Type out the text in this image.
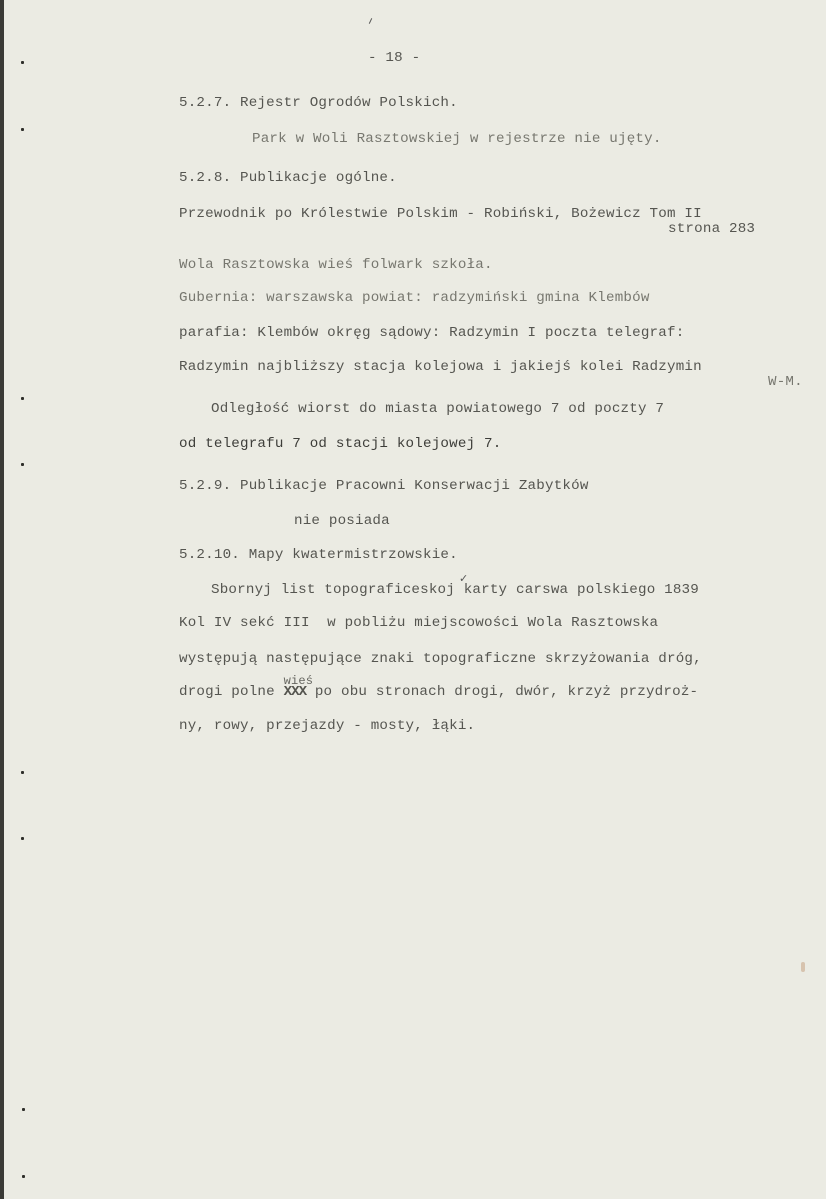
- 18 -
5.2.7. Rejestr Ogrodów Polskich.
Park w Woli Rasztowskiej w rejestrze nie ujęty.
5.2.8. Publikacje ogólne.
Przewodnik po Królestwie Polskim - Robiński, Bożewicz Tom II
strona 283
Wola Rasztowska wieś folwark szkoła.
Gubernia: warszawska powiat: radzymiński gmina Klembów
parafia: Klembów okręg sądowy: Radzymin I poczta telegraf:
Radzymin najbliższy stacja kolejowa i jakiejś kolei Radzymin
W-M.
Odległość wiorst do miasta powiatowego 7 od poczty 7
od telegrafu 7 od stacji kolejowej 7.
5.2.9. Publikacje Pracowni Konserwacji Zabytków
nie posiada
5.2.10. Mapy kwatermistrzowskie.
✓
Sbornyj list topograficeskoj karty carswa polskiego 1839
Kol IV sekć III  w pobliżu miejscowości Wola Rasztowska
występują następujące znaki topograficzne skrzyżowania dróg,
drogi polne
wieś
XXX po obu stronach drogi, dwór, krzyż przydroż-
ny, rowy, przejazdy - mosty, łąki.
